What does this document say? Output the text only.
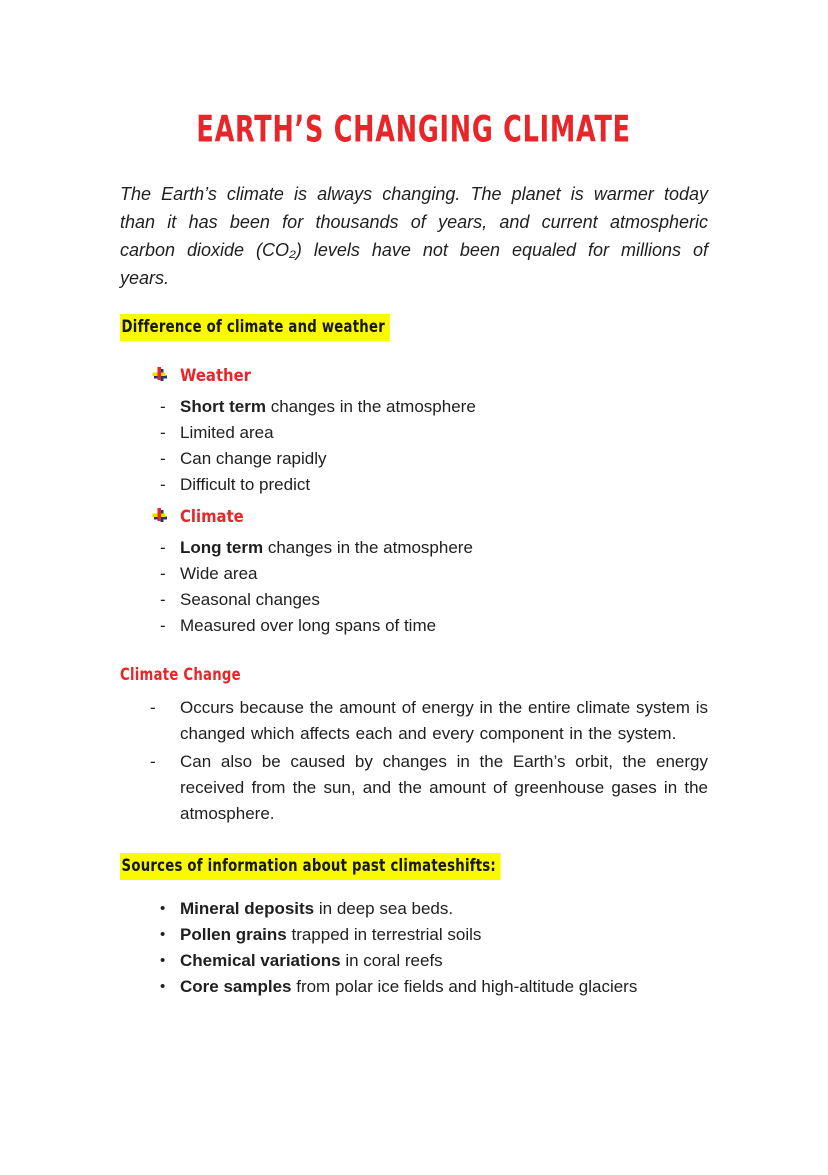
EARTH’S CHANGING CLIMATE

The Earth’s climate is always changing. The planet is warmer today than it has been for thousands of years, and current atmospheric carbon dioxide (CO₂) levels have not been equaled for millions of years.

Difference of climate and weather
Weather
- Short term changes in the atmosphere
- Limited area
- Can change rapidly
- Difficult to predict
Climate
- Long term changes in the atmosphere
- Wide area
- Seasonal changes
- Measured over long spans of time
Climate Change
-	Occurs because the amount of energy in the entire climate system is changed which affects each and every component in the system.
-	Can also be caused by changes in the Earth’s orbit, the energy received from the sun, and the amount of greenhouse gases in the atmosphere.
Sources of information about past climateshifts:
• Mineral deposits in deep sea beds.
• Pollen grains trapped in terrestrial soils
• Chemical variations in coral reefs
• Core samples from polar ice fields and high-altitude glaciers
